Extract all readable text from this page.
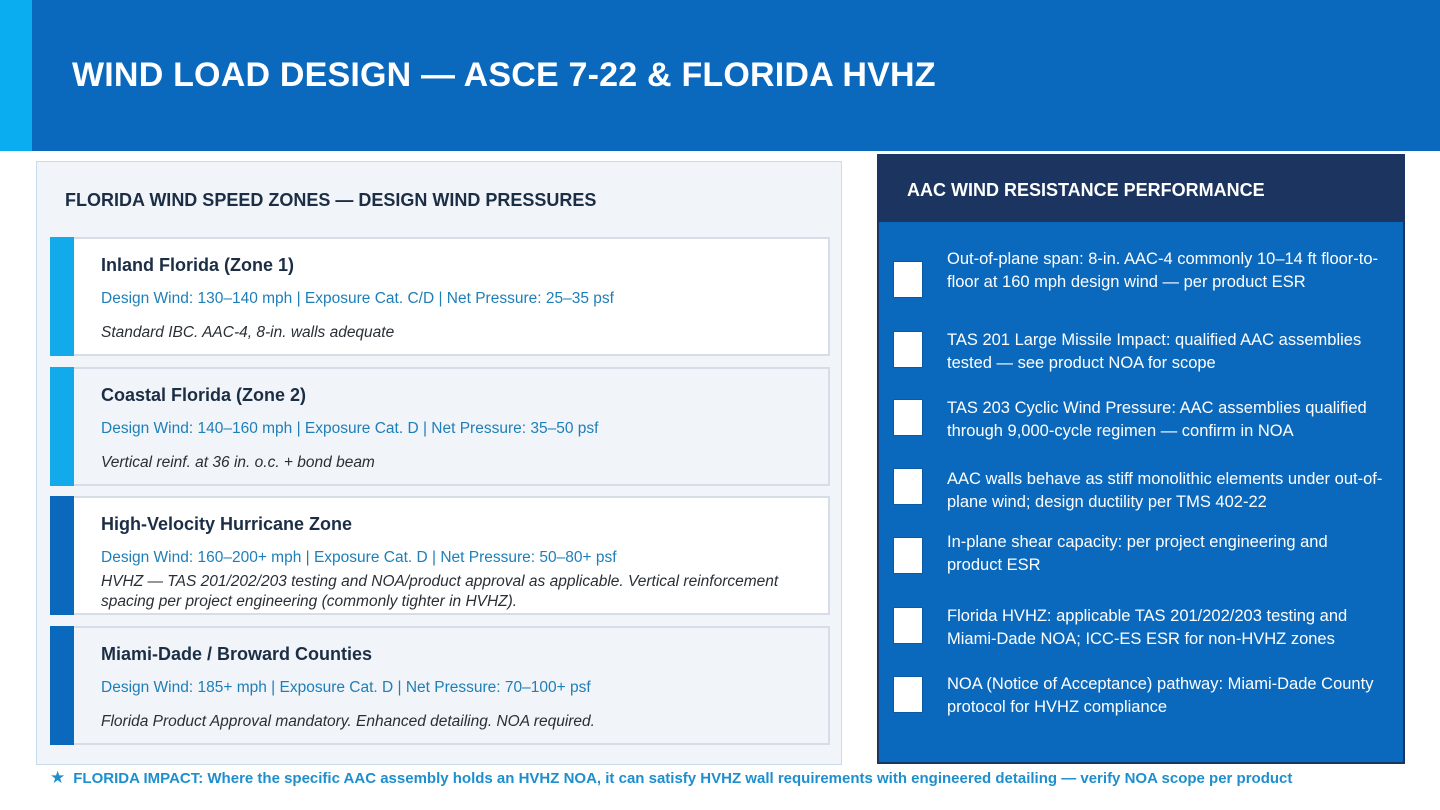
WIND LOAD DESIGN — ASCE 7-22 & FLORIDA HVHZ
FLORIDA WIND SPEED ZONES — DESIGN WIND PRESSURES
Inland Florida (Zone 1)
Design Wind: 130–140 mph | Exposure Cat. C/D | Net Pressure: 25–35 psf
Standard IBC. AAC-4, 8-in. walls adequate
Coastal Florida (Zone 2)
Design Wind: 140–160 mph | Exposure Cat. D | Net Pressure: 35–50 psf
Vertical reinf. at 36 in. o.c. + bond beam
High-Velocity Hurricane Zone
Design Wind: 160–200+ mph | Exposure Cat. D | Net Pressure: 50–80+ psf
HVHZ — TAS 201/202/203 testing and NOA/product approval as applicable. Vertical reinforcement spacing per project engineering (commonly tighter in HVHZ).
Miami-Dade / Broward Counties
Design Wind: 185+ mph | Exposure Cat. D | Net Pressure: 70–100+ psf
Florida Product Approval mandatory. Enhanced detailing. NOA required.
AAC WIND RESISTANCE PERFORMANCE
Out-of-plane span: 8-in. AAC-4 commonly 10–14 ft floor-to-floor at 160 mph design wind — per product ESR
TAS 201 Large Missile Impact: qualified AAC assemblies tested — see product NOA for scope
TAS 203 Cyclic Wind Pressure: AAC assemblies qualified through 9,000-cycle regimen — confirm in NOA
AAC walls behave as stiff monolithic elements under out-of-plane wind; design ductility per TMS 402-22
In-plane shear capacity: per project engineering and product ESR
Florida HVHZ: applicable TAS 201/202/203 testing and Miami-Dade NOA; ICC-ES ESR for non-HVHZ zones
NOA (Notice of Acceptance) pathway: Miami-Dade County protocol for HVHZ compliance
★ FLORIDA IMPACT: Where the specific AAC assembly holds an HVHZ NOA, it can satisfy HVHZ wall requirements with engineered detailing — verify NOA scope per product
